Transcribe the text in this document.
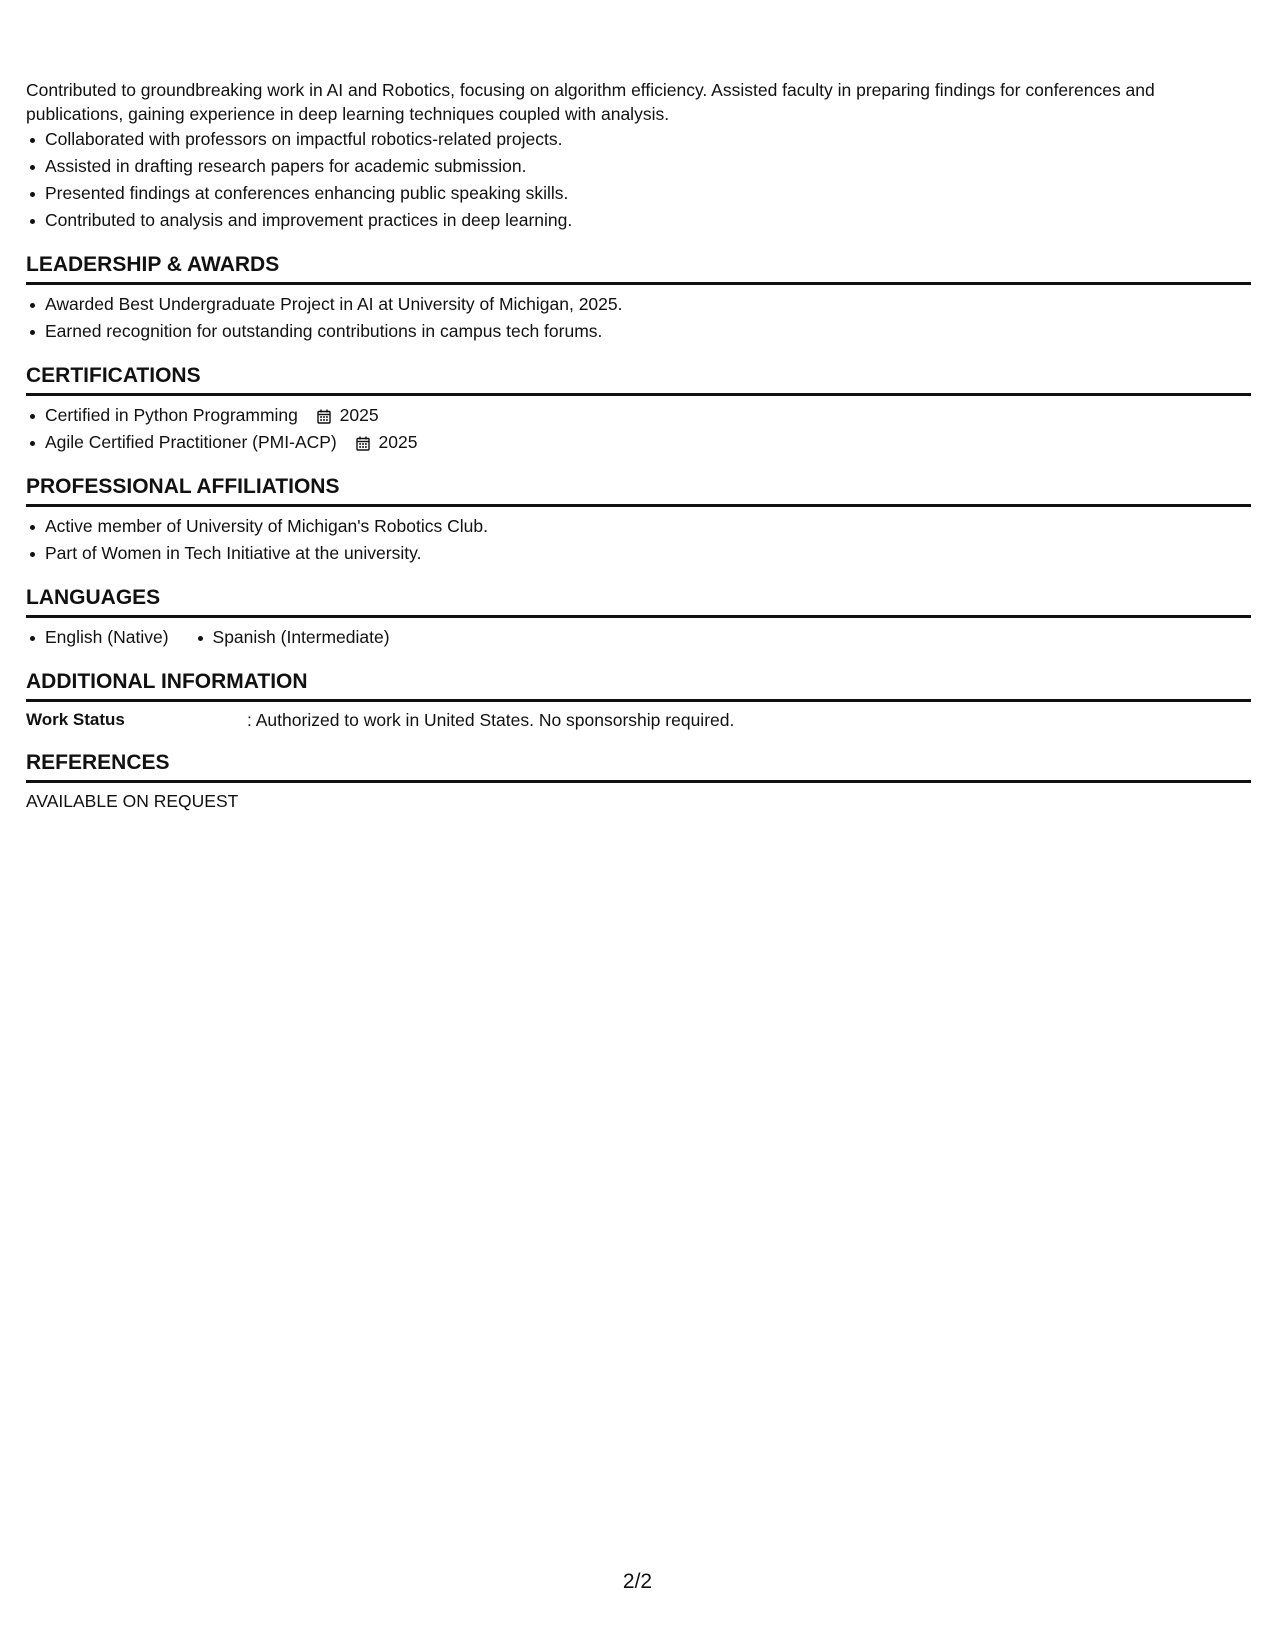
Contributed to groundbreaking work in AI and Robotics, focusing on algorithm efficiency. Assisted faculty in preparing findings for conferences and publications, gaining experience in deep learning techniques coupled with analysis.

Collaborated with professors on impactful robotics-related projects.
Assisted in drafting research papers for academic submission.
Presented findings at conferences enhancing public speaking skills.
Contributed to analysis and improvement practices in deep learning.
LEADERSHIP & AWARDS
Awarded Best Undergraduate Project in AI at University of Michigan, 2025.
Earned recognition for outstanding contributions in campus tech forums.
CERTIFICATIONS
Certified in Python Programming 2025
Agile Certified Practitioner (PMI-ACP) 2025
PROFESSIONAL AFFILIATIONS
Active member of University of Michigan's Robotics Club.
Part of Women in Tech Initiative at the university.
LANGUAGES
English (Native)	Spanish (Intermediate)
ADDITIONAL INFORMATION
Work Status	: Authorized to work in United States. No sponsorship required.
REFERENCES
AVAILABLE ON REQUEST
2/2
